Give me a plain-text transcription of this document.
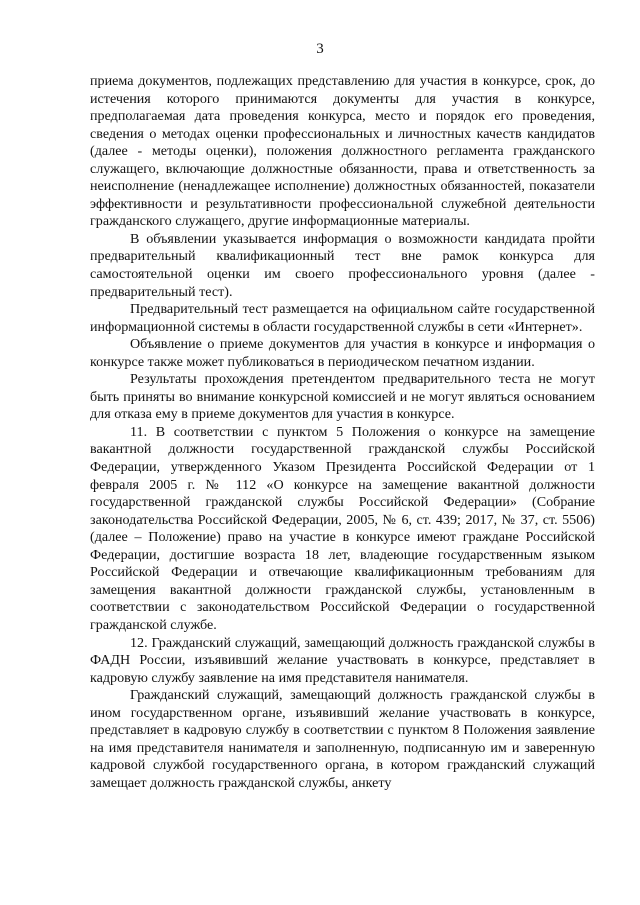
3

приема документов, подлежащих представлению для участия в конкурсе, срок, до истечения которого принимаются документы для участия в конкурсе, предполагаемая дата проведения конкурса, место и порядок его проведения, сведения о методах оценки профессиональных и личностных качеств кандидатов (далее - методы оценки), положения должностного регламента гражданского служащего, включающие должностные обязанности, права и ответственность за неисполнение (ненадлежащее исполнение) должностных обязанностей, показатели эффективности и результативности профессиональной служебной деятельности гражданского служащего, другие информационные материалы.

В объявлении указывается информация о возможности кандидата пройти предварительный квалификационный тест вне рамок конкурса для самостоятельной оценки им своего профессионального уровня (далее - предварительный тест).

Предварительный тест размещается на официальном сайте государственной информационной системы в области государственной службы в сети «Интернет».

Объявление о приеме документов для участия в конкурсе и информация о конкурсе также может публиковаться в периодическом печатном издании.

Результаты прохождения претендентом предварительного теста не могут быть приняты во внимание конкурсной комиссией и не могут являться основанием для отказа ему в приеме документов для участия в конкурсе.

11. В соответствии с пунктом 5 Положения о конкурсе на замещение вакантной должности государственной гражданской службы Российской Федерации, утвержденного Указом Президента Российской Федерации от 1 февраля 2005 г. № 112 «О конкурсе на замещение вакантной должности государственной гражданской службы Российской Федерации» (Собрание законодательства Российской Федерации, 2005, № 6, ст. 439; 2017, № 37, ст. 5506) (далее – Положение) право на участие в конкурсе имеют граждане Российской Федерации, достигшие возраста 18 лет, владеющие государственным языком Российской Федерации и отвечающие квалификационным требованиям для замещения вакантной должности гражданской службы, установленным в соответствии с законодательством Российской Федерации о государственной гражданской службе.

12. Гражданский служащий, замещающий должность гражданской службы в ФАДН России, изъявивший желание участвовать в конкурсе, представляет в кадровую службу заявление на имя представителя нанимателя.

Гражданский служащий, замещающий должность гражданской службы в ином государственном органе, изъявивший желание участвовать в конкурсе, представляет в кадровую службу в соответствии с пунктом 8 Положения заявление на имя представителя нанимателя и заполненную, подписанную им и заверенную кадровой службой государственного органа, в котором гражданский служащий замещает должность гражданской службы, анкету
